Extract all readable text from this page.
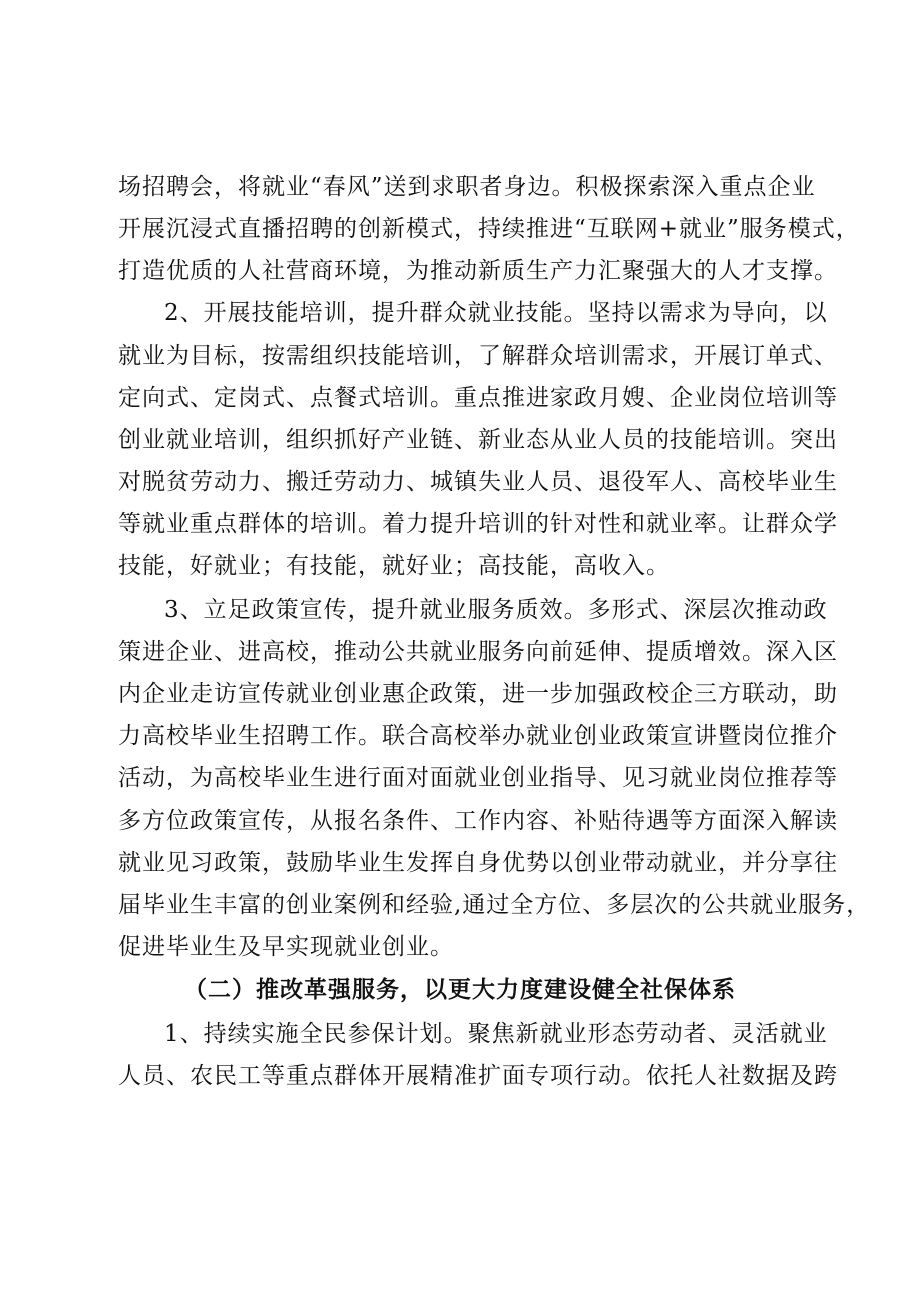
场招聘会，将就业“春风”送到求职者身边。积极探索深入重点企业
开展沉浸式直播招聘的创新模式，持续推进“互联网+就业”服务模式，
打造优质的人社营商环境，为推动新质生产力汇聚强大的人才支撑。
2、开展技能培训，提升群众就业技能。坚持以需求为导向，以
就业为目标，按需组织技能培训，了解群众培训需求，开展订单式、
定向式、定岗式、点餐式培训。重点推进家政月嫂、企业岗位培训等
创业就业培训，组织抓好产业链、新业态从业人员的技能培训。突出
对脱贫劳动力、搬迁劳动力、城镇失业人员、退役军人、高校毕业生
等就业重点群体的培训。着力提升培训的针对性和就业率。让群众学
技能，好就业；有技能，就好业；高技能，高收入。
3、立足政策宣传，提升就业服务质效。多形式、深层次推动政
策进企业、进高校，推动公共就业服务向前延伸、提质增效。深入区
内企业走访宣传就业创业惠企政策，进一步加强政校企三方联动，助
力高校毕业生招聘工作。联合高校举办就业创业政策宣讲暨岗位推介
活动，为高校毕业生进行面对面就业创业指导、见习就业岗位推荐等
多方位政策宣传，从报名条件、工作内容、补贴待遇等方面深入解读
就业见习政策，鼓励毕业生发挥自身优势以创业带动就业，并分享往
届毕业生丰富的创业案例和经验,通过全方位、多层次的公共就业服务，
促进毕业生及早实现就业创业。
（二）推改革强服务，以更大力度建设健全社保体系
1、持续实施全民参保计划。聚焦新就业形态劳动者、灵活就业
人员、农民工等重点群体开展精准扩面专项行动。依托人社数据及跨
